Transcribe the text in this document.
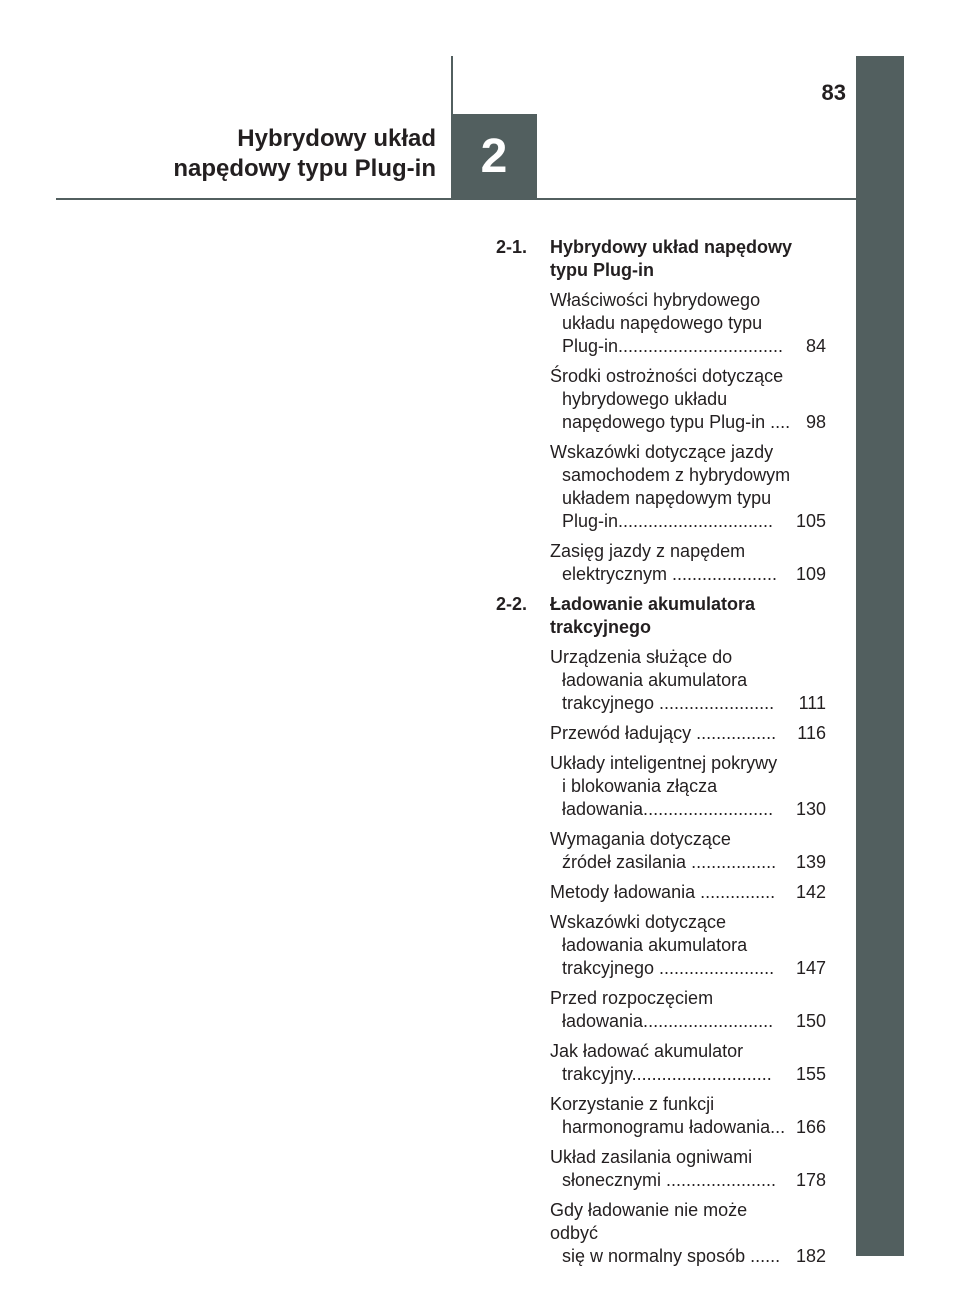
83
2
Hybrydowy układ
napędowy typu Plug-in
2-1. Hybrydowy układ napędowy
typu Plug-in
Właściwości hybrydowego
układu napędowego typu
Plug-in.................................	84
Środki ostrożności dotyczące
hybrydowego układu
napędowego typu Plug-in .... 98
Wskazówki dotyczące jazdy
samochodem z hybrydowym
układem napędowym typu
Plug-in...............................	105
Zasięg jazdy z napędem
elektrycznym .....................	109
2-2. Ładowanie akumulatora
trakcyjnego
Urządzenia służące do
ładowania akumulatora
trakcyjnego .......................	111
Przewód ładujący ................	116
Układy inteligentnej pokrywy
i blokowania złącza
ładowania..........................	130
Wymagania dotyczące
źródeł zasilania .................	139
Metody ładowania ...............	142
Wskazówki dotyczące
ładowania akumulatora
trakcyjnego .......................	147
Przed rozpoczęciem
ładowania..........................	150
Jak ładować akumulator
trakcyjny............................	155
Korzystanie z funkcji
harmonogramu ładowania... 166
Układ zasilania ogniwami
słonecznymi ......................	178
Gdy ładowanie nie może odbyć
się w normalny sposób ...... 182
